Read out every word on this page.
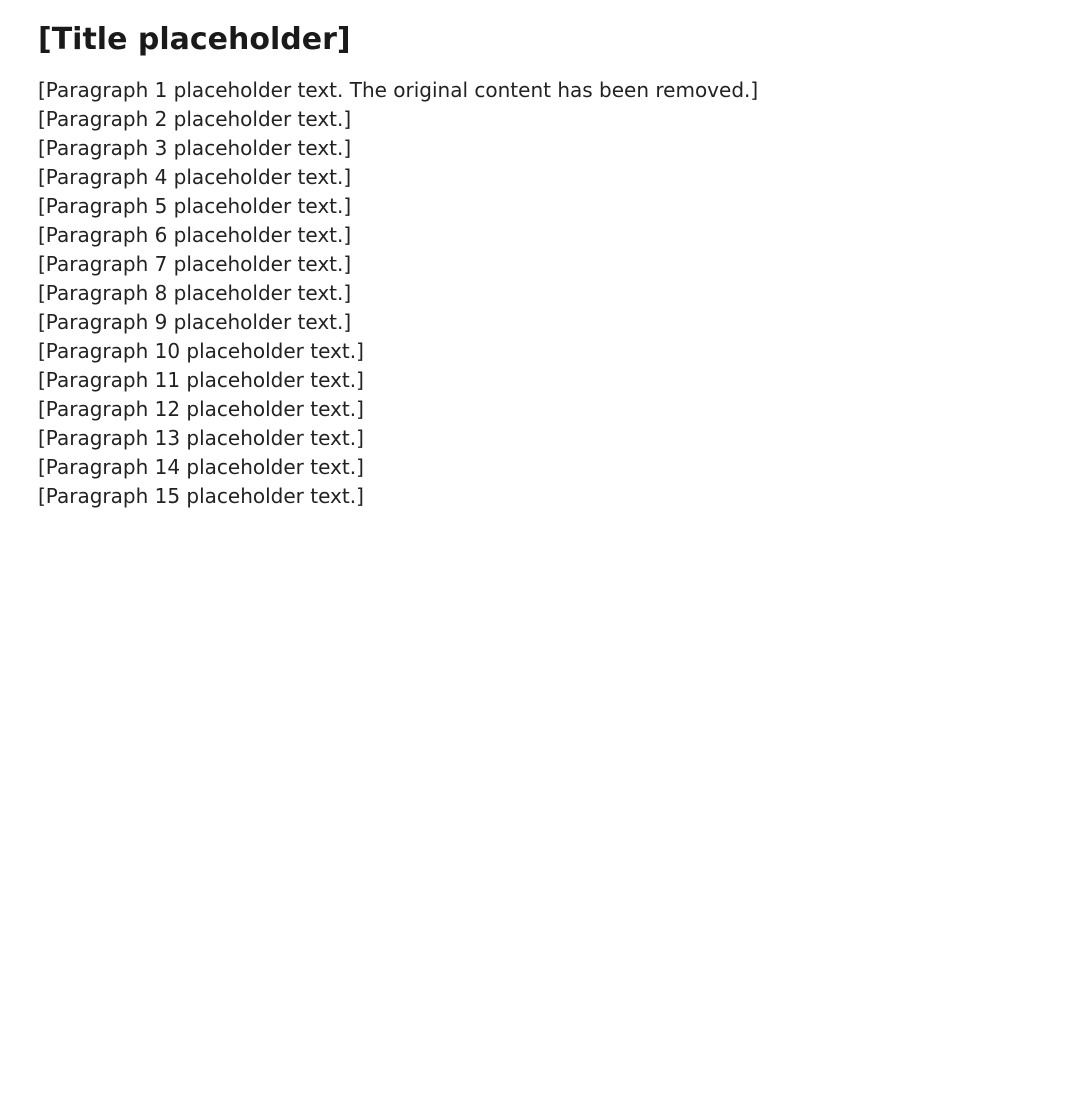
[Title placeholder]

[Paragraph 1 placeholder text. The original content has been removed.]

[Paragraph 2 placeholder text.]

[Paragraph 3 placeholder text.]

[Paragraph 4 placeholder text.]

[Paragraph 5 placeholder text.]

[Paragraph 6 placeholder text.]

[Paragraph 7 placeholder text.]

[Paragraph 8 placeholder text.]

[Paragraph 9 placeholder text.]

[Paragraph 10 placeholder text.]

[Paragraph 11 placeholder text.]

[Paragraph 12 placeholder text.]

[Paragraph 13 placeholder text.]

[Paragraph 14 placeholder text.]

[Paragraph 15 placeholder text.]
